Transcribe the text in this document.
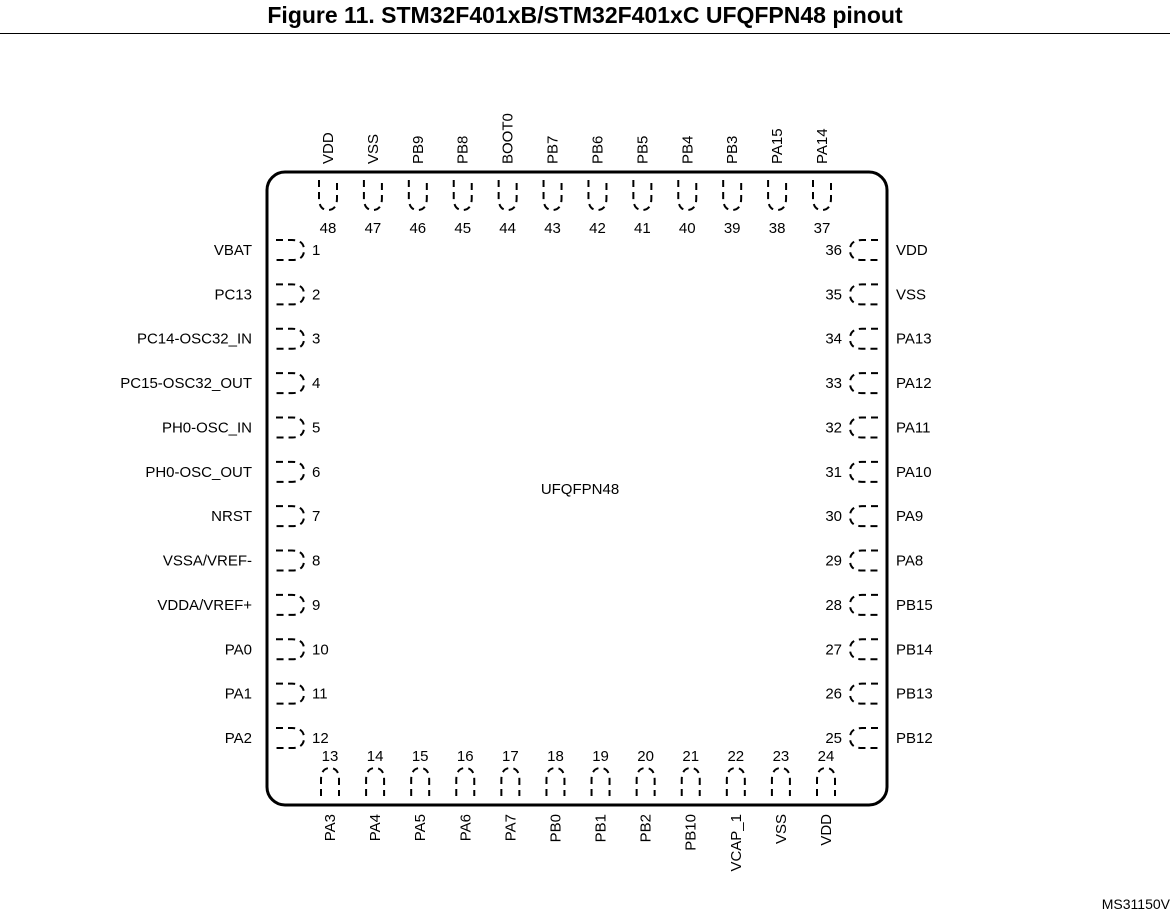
Figure 11. STM32F401xB/STM32F401xC UFQFPN48 pinout
UFQFPN48
1
VBAT
2
PC13
3
PC14-OSC32_IN
4
PC15-OSC32_OUT
5
PH0-OSC_IN
6
PH0-OSC_OUT
7
NRST
8
VSSA/VREF-
9
VDDA/VREF+
10
PA0
11
PA1
12
PA2
36	VDD
35	VSS
34	PA13
33	PA12
32	PA11
31	PA10
30	PA9
29	PA8
28	PB15
27	PB14
26	PB13
25	PB12
13
PA3
14
PA4
15
PA5
16
PA6
17
PA7
18
PB0
19
PB1
20
PB2
21
PB10
22
VCAP_1
23
VSS
24
VDD
48
VDD
47
VSS
46
PB9
45
PB8
44
BOOT0
43
PB7
42
PB6
41
PB5
40
PB4
39
PB3
38
PA15
37
PA14
MS31150V
